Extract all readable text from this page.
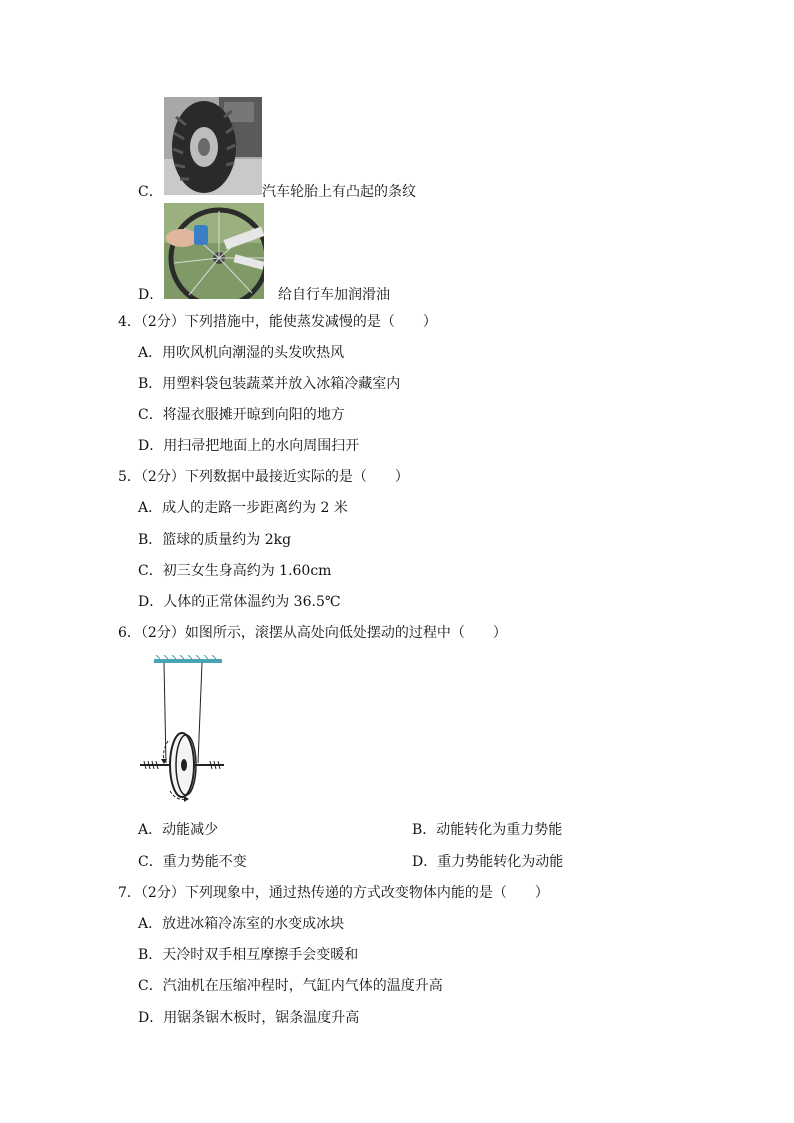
C．	汽车轮胎上有凸起的条纹
D．	给自行车加润滑油
4．（2分）下列措施中，能使蒸发减慢的是（　　）
A．用吹风机向潮湿的头发吹热风
B．用塑料袋包装蔬菜并放入冰箱冷藏室内
C．将湿衣服摊开晾到向阳的地方
D．用扫帚把地面上的水向周围扫开
5．（2分）下列数据中最接近实际的是（　　）
A．成人的走路一步距离约为 2 米
B．篮球的质量约为 2kg
C．初三女生身高约为 1.60cm
D．人体的正常体温约为 36.5℃
6．（2分）如图所示，滚摆从高处向低处摆动的过程中（　　）
A．动能减少	B．动能转化为重力势能
C．重力势能不变	D．重力势能转化为动能
7．（2分）下列现象中，通过热传递的方式改变物体内能的是（　　）
A．放进冰箱冷冻室的水变成冰块
B．天冷时双手相互摩擦手会变暖和
C．汽油机在压缩冲程时，气缸内气体的温度升高
D．用锯条锯木板时，锯条温度升高
